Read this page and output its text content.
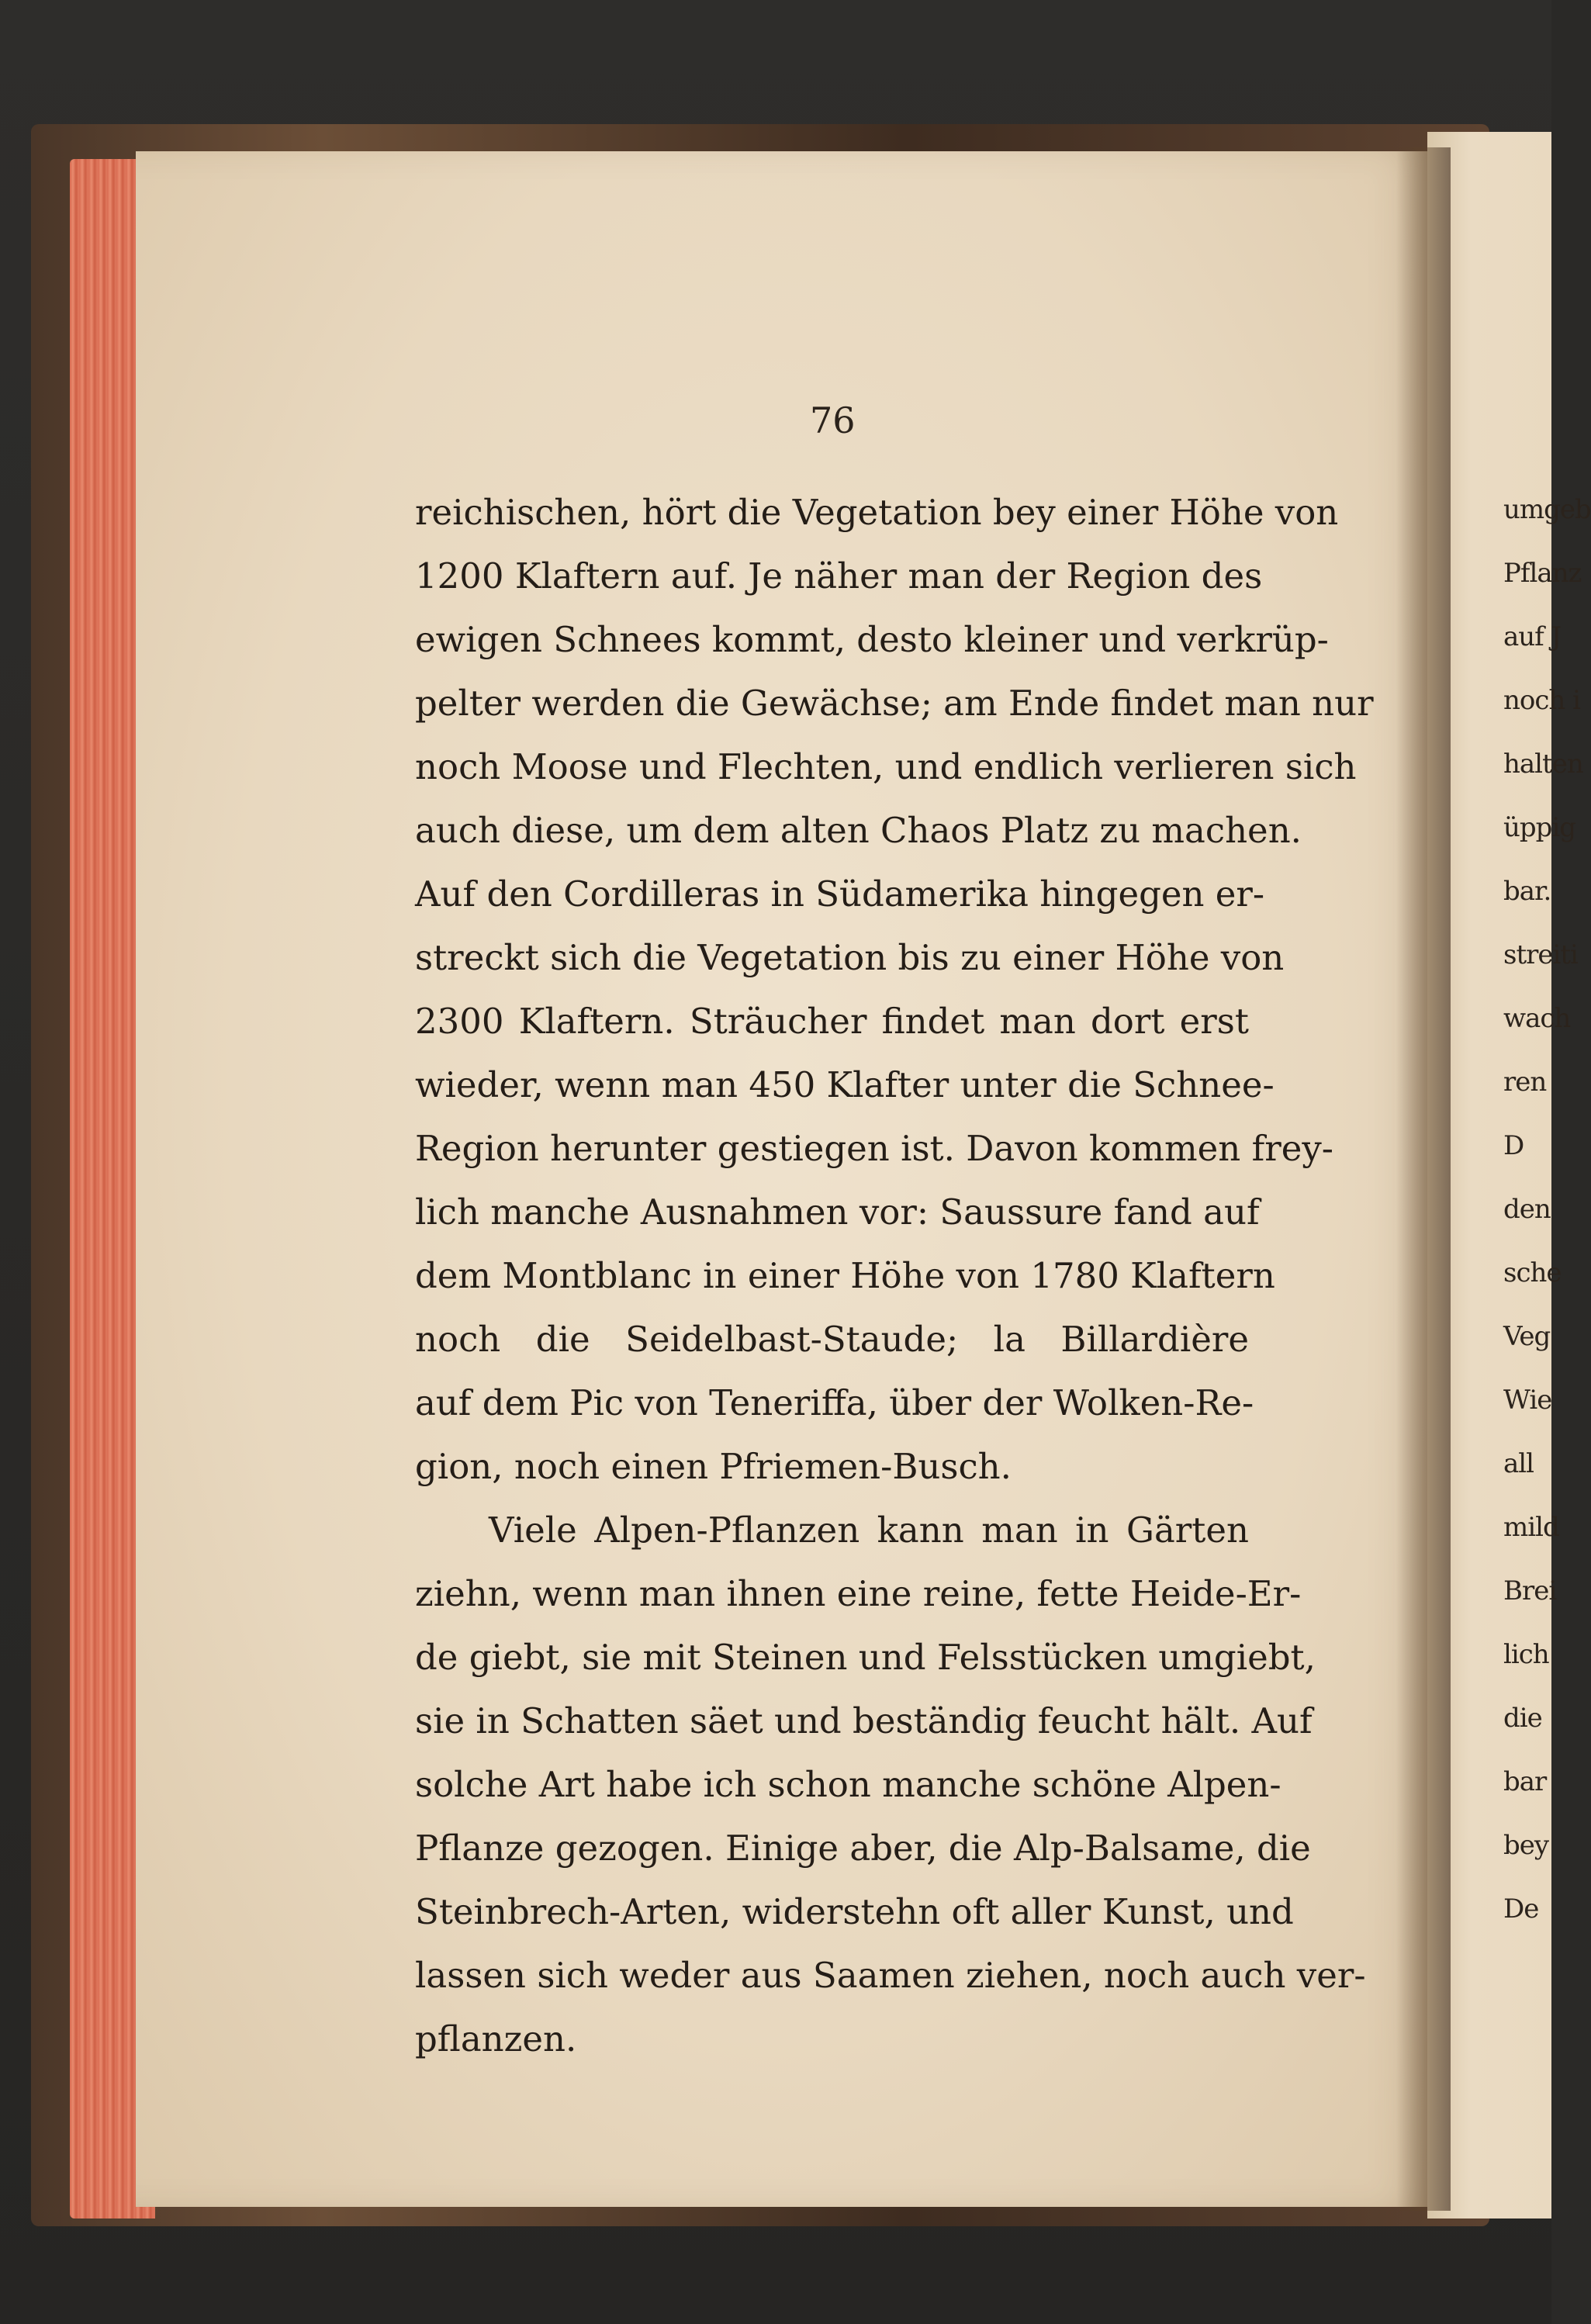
umgeb
Pflanz
auf J
noch i
halten
üppig
bar.
streiti
wach
ren
D
den
sche
Veg
Wie
all
mild
Brei
lich
die
bar
bey
De
76
reichischen, hört die Vegetation bey einer Höhe von
1200 Klaftern auf. Je näher man der Region des
ewigen Schnees kommt, desto kleiner und verkrüp-
pelter werden die Gewächse; am Ende findet man nur
noch Moose und Flechten, und endlich verlieren sich
auch diese, um dem alten Chaos Platz zu machen.
Auf den Cordilleras in Südamerika hingegen er-
streckt sich die Vegetation bis zu einer Höhe von
2300 Klaftern. Sträucher findet man dort erst
wieder, wenn man 450 Klafter unter die Schnee-
Region herunter gestiegen ist. Davon kommen frey-
lich manche Ausnahmen vor: Saussure fand auf
dem Montblanc in einer Höhe von 1780 Klaftern
noch die Seidelbast-Staude; la Billardière
auf dem Pic von Teneriffa, über der Wolken-Re-
gion, noch einen Pfriemen-Busch.
Viele Alpen-Pflanzen kann man in Gärten
ziehn, wenn man ihnen eine reine, fette Heide-Er-
de giebt, sie mit Steinen und Felsstücken umgiebt,
sie in Schatten säet und beständig feucht hält. Auf
solche Art habe ich schon manche schöne Alpen-
Pflanze gezogen. Einige aber, die Alp-Balsame, die
Steinbrech-Arten, widerstehn oft aller Kunst, und
lassen sich weder aus Saamen ziehen, noch auch ver-
pflanzen.
